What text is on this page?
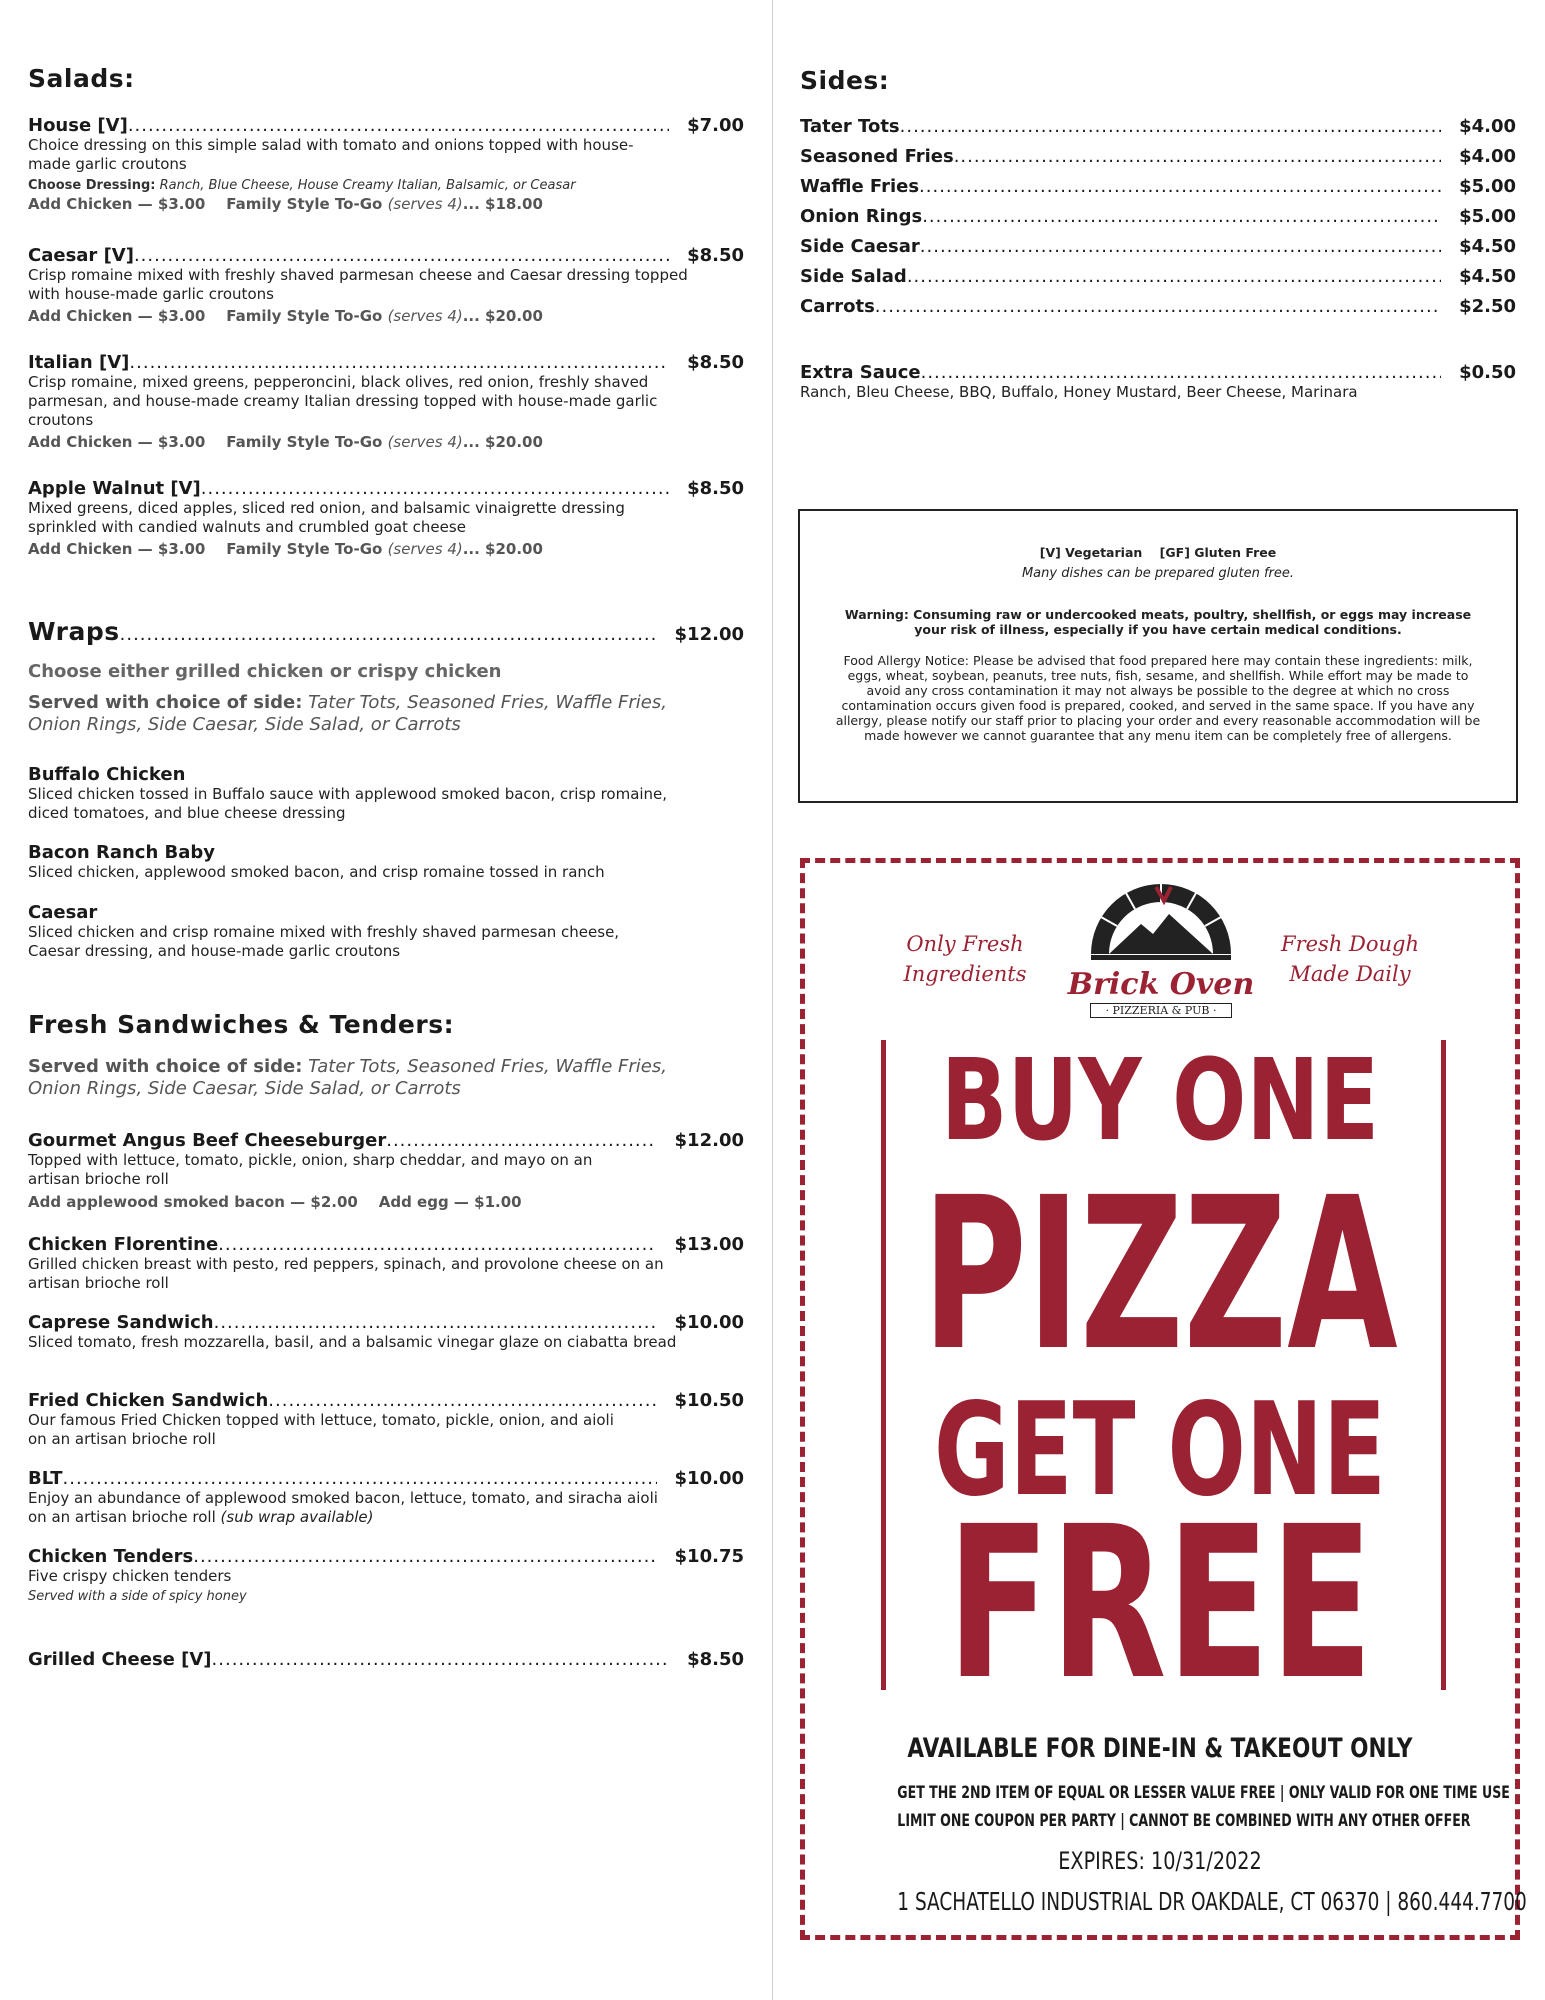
Salads:
House [V] .....	$7.00
Choice dressing on this simple salad with tomato and onions topped with house-made garlic croutons
Choose Dressing: Ranch, Blue Cheese, House Creamy Italian, Balsamic, or Ceasar
Add Chicken — $3.00 Family Style To-Go (serves 4)... $18.00
Caesar [V] .....	$8.50
Crisp romaine mixed with freshly shaved parmesan cheese and Caesar dressing topped with house-made garlic croutons
Add Chicken — $3.00 Family Style To-Go (serves 4)... $20.00
Italian [V] .....	$8.50
Crisp romaine, mixed greens, pepperoncini, black olives, red onion, freshly shaved parmesan, and house-made creamy Italian dressing topped with house-made garlic croutons
Add Chicken — $3.00 Family Style To-Go (serves 4)... $20.00
Apple Walnut [V] .....	$8.50
Mixed greens, diced apples, sliced red onion, and balsamic vinaigrette dressing sprinkled with candied walnuts and crumbled goat cheese
Add Chicken — $3.00 Family Style To-Go (serves 4)... $20.00
Wraps .....	$12.00
Choose either grilled chicken or crispy chicken
Served with choice of side: Tater Tots, Seasoned Fries, Waffle Fries, Onion Rings, Side Caesar, Side Salad, or Carrots
Buffalo Chicken
Sliced chicken tossed in Buffalo sauce with applewood smoked bacon, crisp romaine, diced tomatoes, and blue cheese dressing
Bacon Ranch Baby
Sliced chicken, applewood smoked bacon, and crisp romaine tossed in ranch
Caesar
Sliced chicken and crisp romaine mixed with freshly shaved parmesan cheese, Caesar dressing, and house-made garlic croutons
Fresh Sandwiches & Tenders:
Served with choice of side: Tater Tots, Seasoned Fries, Waffle Fries, Onion Rings, Side Caesar, Side Salad, or Carrots
Gourmet Angus Beef Cheeseburger .....	$12.00
Topped with lettuce, tomato, pickle, onion, sharp cheddar, and mayo on an artisan brioche roll
Add applewood smoked bacon — $2.00    Add egg — $1.00
Chicken Florentine .....	$13.00
Grilled chicken breast with pesto, red peppers, spinach, and provolone cheese on an artisan brioche roll
Caprese Sandwich .....	$10.00
Sliced tomato, fresh mozzarella, basil, and a balsamic vinegar glaze on ciabatta bread
Fried Chicken Sandwich .....	$10.50
Our famous Fried Chicken topped with lettuce, tomato, pickle, onion, and aioli on an artisan brioche roll
BLT .....	$10.00
Enjoy an abundance of applewood smoked bacon, lettuce, tomato, and siracha aioli on an artisan brioche roll (sub wrap available)
Chicken Tenders .....	$10.75
Five crispy chicken tenders
Served with a side of spicy honey
Grilled Cheese [V] .....	$8.50
Sides:
Tater Tots .....	$4.00
Seasoned Fries .....	$4.00
Waffle Fries .....	$5.00
Onion Rings .....	$5.00
Side Caesar .....	$4.50
Side Salad .....	$4.50
Carrots .....	$2.50
Extra Sauce .....	$0.50
Ranch, Bleu Cheese, BBQ, Buffalo, Honey Mustard, Beer Cheese, Marinara
[V] Vegetarian    [GF] Gluten Free
Many dishes can be prepared gluten free.
Warning: Consuming raw or undercooked meats, poultry, shellfish, or eggs may increase your risk of illness, especially if you have certain medical conditions.
Food Allergy Notice: Please be advised that food prepared here may contain these ingredients: milk, eggs, wheat, soybean, peanuts, tree nuts, fish, sesame, and shellfish. While effort may be made to avoid any cross contamination it may not always be possible to the degree at which no cross contamination occurs given food is prepared, cooked, and served in the same space. If you have any allergy, please notify our staff prior to placing your order and every reasonable accommodation will be made however we cannot guarantee that any menu item can be completely free of allergens.
Only Fresh Ingredients
Fresh Dough Made Daily
Brick Oven
· PIZZERIA & PUB ·
BUY ONE
PIZZA
GET ONE
FREE
AVAILABLE FOR DINE-IN & TAKEOUT ONLY
GET THE 2ND ITEM OF EQUAL OR LESSER VALUE FREE | ONLY VALID FOR ONE TIME USE
LIMIT ONE COUPON PER PARTY | CANNOT BE COMBINED WITH ANY OTHER OFFER
EXPIRES: 10/31/2022
1 SACHATELLO INDUSTRIAL DR OAKDALE, CT 06370 | 860.444.7700
